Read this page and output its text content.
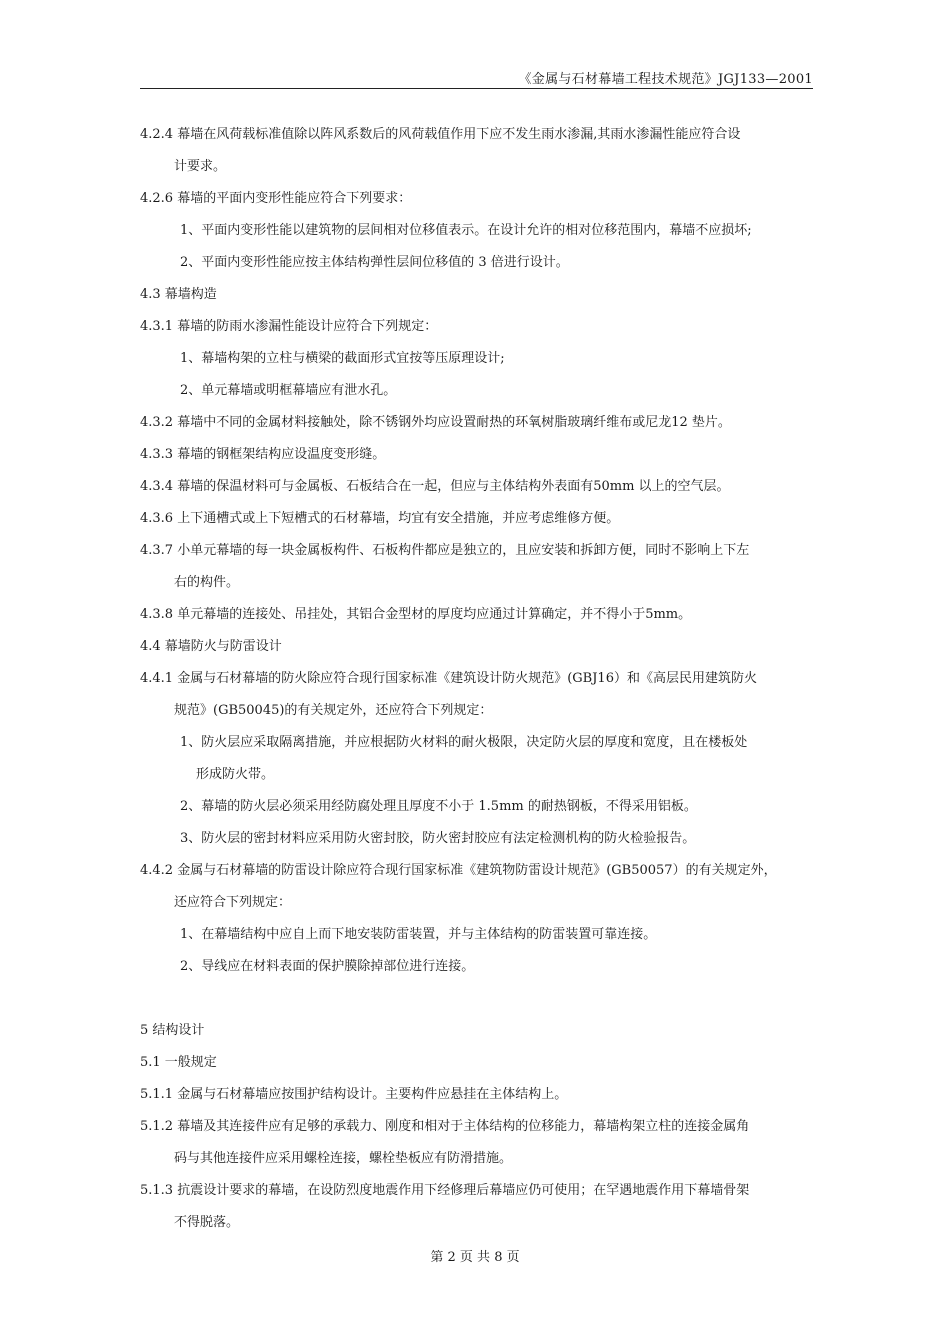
《金属与石材幕墙工程技术规范》JGJ133—2001
4.2.4 幕墙在风荷载标准值除以阵风系数后的风荷载值作用下应不发生雨水渗漏,其雨水渗漏性能应符合设
计要求。
4.2.6 幕墙的平面内变形性能应符合下列要求：
1、平面内变形性能以建筑物的层间相对位移值表示。在设计允许的相对位移范围内，幕墙不应损坏;
2、平面内变形性能应按主体结构弹性层间位移值的 3 倍进行设计。
4.3 幕墙构造
4.3.1 幕墙的防雨水渗漏性能设计应符合下列规定：
1、幕墙构架的立柱与横梁的截面形式宜按等压原理设计;
2、单元幕墙或明框幕墙应有泄水孔。
4.3.2 幕墙中不同的金属材料接触处，除不锈钢外均应设置耐热的环氧树脂玻璃纤维布或尼龙12 垫片。
4.3.3 幕墙的钢框架结构应设温度变形缝。
4.3.4 幕墙的保温材料可与金属板、石板结合在一起，但应与主体结构外表面有50mm 以上的空气层。
4.3.6 上下通槽式或上下短槽式的石材幕墙，均宜有安全措施，并应考虑维修方便。
4.3.7 小单元幕墙的每一块金属板构件、石板构件都应是独立的，且应安装和拆卸方便，同时不影响上下左
右的构件。
4.3.8 单元幕墙的连接处、吊挂处，其铝合金型材的厚度均应通过计算确定，并不得小于5mm。
4.4 幕墙防火与防雷设计
4.4.1 金属与石材幕墙的防火除应符合现行国家标准《建筑设计防火规范》(GBJ16）和《高层民用建筑防火
规范》(GB50045)的有关规定外，还应符合下列规定：
1、防火层应采取隔离措施，并应根据防火材料的耐火极限，决定防火层的厚度和宽度，且在楼板处
形成防火带。
2、幕墙的防火层必须采用经防腐处理且厚度不小于 1.5mm 的耐热钢板，不得采用铝板。
3、防火层的密封材料应采用防火密封胶，防火密封胶应有法定检测机构的防火检验报告。
4.4.2 金属与石材幕墙的防雷设计除应符合现行国家标准《建筑物防雷设计规范》(GB50057）的有关规定外，
还应符合下列规定：
1、在幕墙结构中应自上而下地安装防雷装置，并与主体结构的防雷装置可靠连接。
2、导线应在材料表面的保护膜除掉部位进行连接。
5 结构设计
5.1 一般规定
5.1.1 金属与石材幕墙应按围护结构设计。主要构件应悬挂在主体结构上。
5.1.2 幕墙及其连接件应有足够的承载力、刚度和相对于主体结构的位移能力，幕墙构架立柱的连接金属角
码与其他连接件应采用螺栓连接，螺栓垫板应有防滑措施。
5.1.3 抗震设计要求的幕墙，在设防烈度地震作用下经修理后幕墙应仍可使用；在罕遇地震作用下幕墙骨架
不得脱落。
第 2 页 共 8 页
